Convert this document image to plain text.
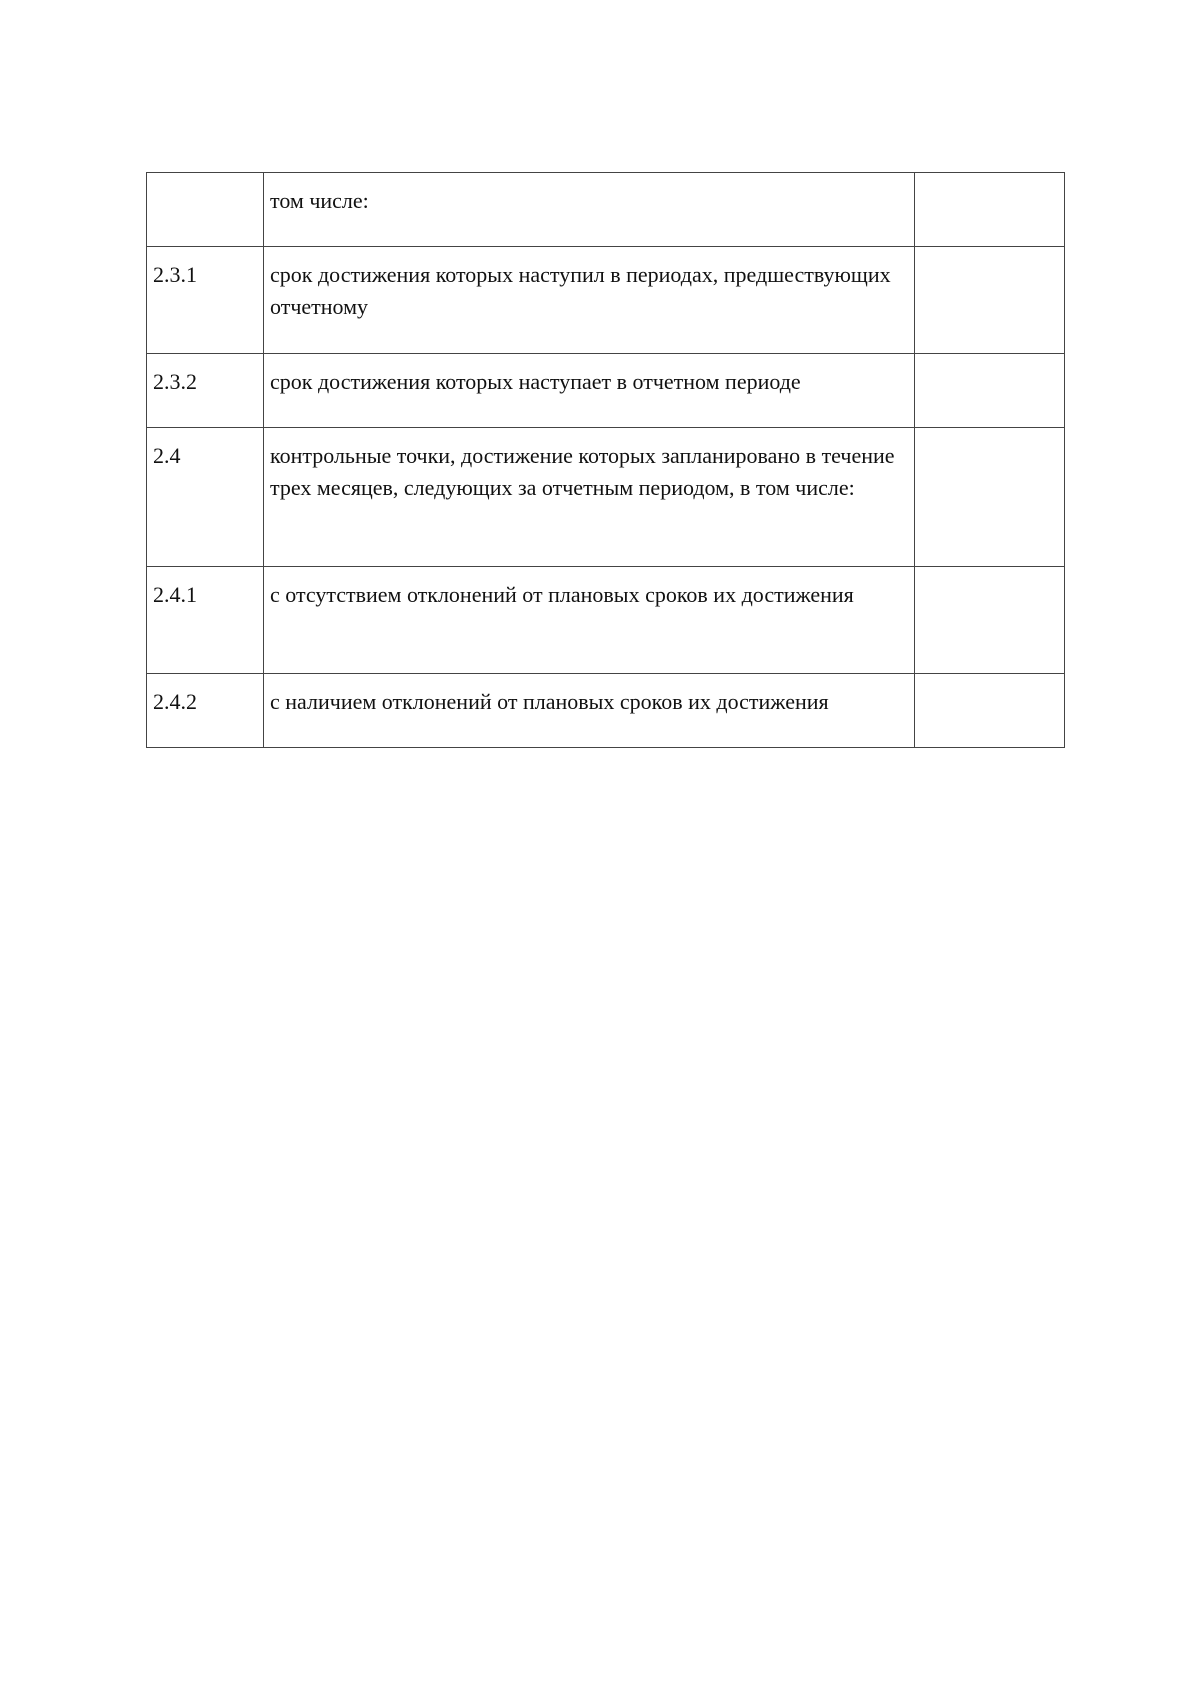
	том числе:	
2.3.1	срок достижения которых наступил в периодах, предшествующих отчетному	
2.3.2	срок достижения которых наступает в отчетном периоде	
2.4	контрольные точки, достижение которых запланировано в течение трех месяцев, следующих за отчетным периодом, в том числе:	
2.4.1	с отсутствием отклонений от плановых сроков их достижения	
2.4.2	с наличием отклонений от плановых сроков их достижения	
